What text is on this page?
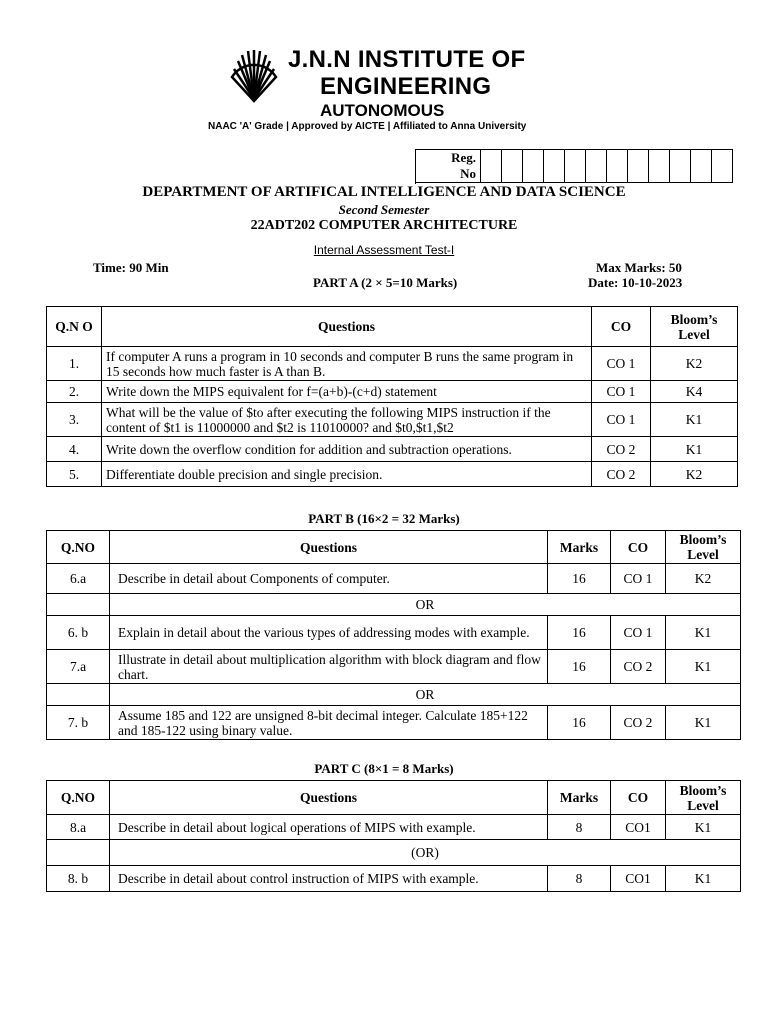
J.N.N INSTITUTE OF
ENGINEERING
AUTONOMOUS
NAAC 'A' Grade | Approved by AICTE | Affiliated to Anna University
Reg.
No												

DEPARTMENT OF ARTIFICAL INTELLIGENCE AND DATA SCIENCE
Second Semester
22ADT202 COMPUTER ARCHITECTURE
Internal Assessment Test-I
Time: 90 Min	Max Marks: 50
PART A (2 × 5=10 Marks)	Date: 10-10-2023
Q.N O	Questions	CO	Bloom’s Level
1.	If computer A runs a program in 10 seconds and computer B runs the same program in 15 seconds how much faster is A than B.	CO 1	K2
2.	Write down the MIPS equivalent for f=(a+b)-(c+d) statement	CO 1	K4
3.	What will be the value of $to after executing the following MIPS instruction if the content of $t1 is 11000000 and $t2 is 11010000? and $t0,$t1,$t2	CO 1	K1
4.	Write down the overflow condition for addition and subtraction operations.	CO 2	K1
5.	Differentiate double precision and single precision.	CO 2	K2
PART B (16×2 = 32 Marks)
Q.NO	Questions	Marks	CO	Bloom’s Level
6.a	Describe in detail about Components of computer.	16	CO 1	K2
	OR			
6. b	Explain in detail about the various types of addressing modes with example.	16	CO 1	K1
7.a	Illustrate in detail about multiplication algorithm with block diagram and flow chart.	16	CO 2	K1
	OR			
7. b	Assume 185 and 122 are unsigned 8-bit decimal integer. Calculate 185+122 and 185-122 using binary value.	16	CO 2	K1
PART C (8×1 = 8 Marks)
Q.NO	Questions	Marks	CO	Bloom’s Level
8.a	Describe in detail about logical operations of MIPS with example.	8	CO1	K1
	(OR)			
8. b	Describe in detail about control instruction of MIPS with example.	8	CO1	K1
